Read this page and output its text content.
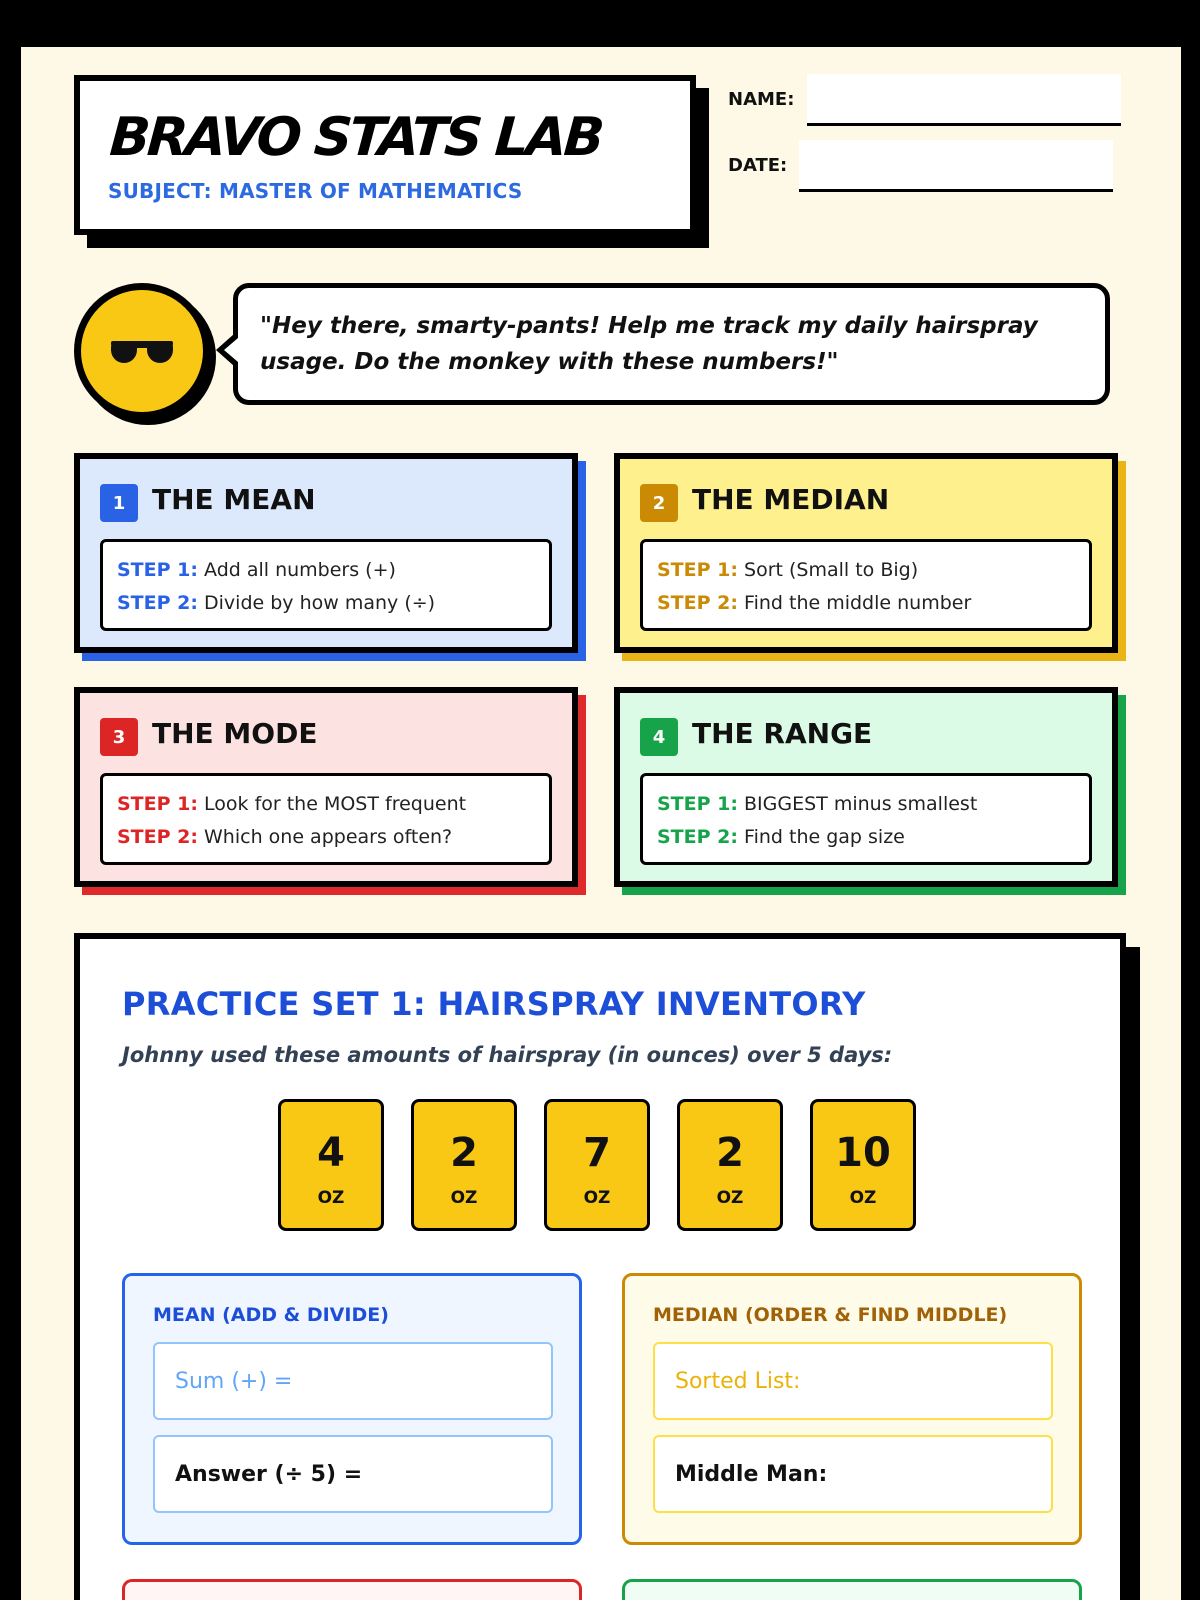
BRAVO STATS LAB
SUBJECT: MASTER OF MATHEMATICS
NAME:
DATE:
"Hey there, smarty-pants! Help me track my daily hairspray usage. Do the monkey with these numbers!"
1 THE MEAN
STEP 1: Add all numbers (+)
STEP 2: Divide by how many (÷)
2 THE MEDIAN
STEP 1: Sort (Small to Big)
STEP 2: Find the middle number
3 THE MODE
STEP 1: Look for the MOST frequent
STEP 2: Which one appears often?
4 THE RANGE
STEP 1: BIGGEST minus smallest
STEP 2: Find the gap size
PRACTICE SET 1: HAIRSPRAY INVENTORY
Johnny used these amounts of hairspray (in ounces) over 5 days:
4
OZ
2
OZ
7
OZ
2
OZ
10
OZ
MEAN (ADD & DIVIDE)
Sum (+) =
Answer (÷ 5) =
MEDIAN (ORDER & FIND MIDDLE)
Sorted List:
Middle Man:
